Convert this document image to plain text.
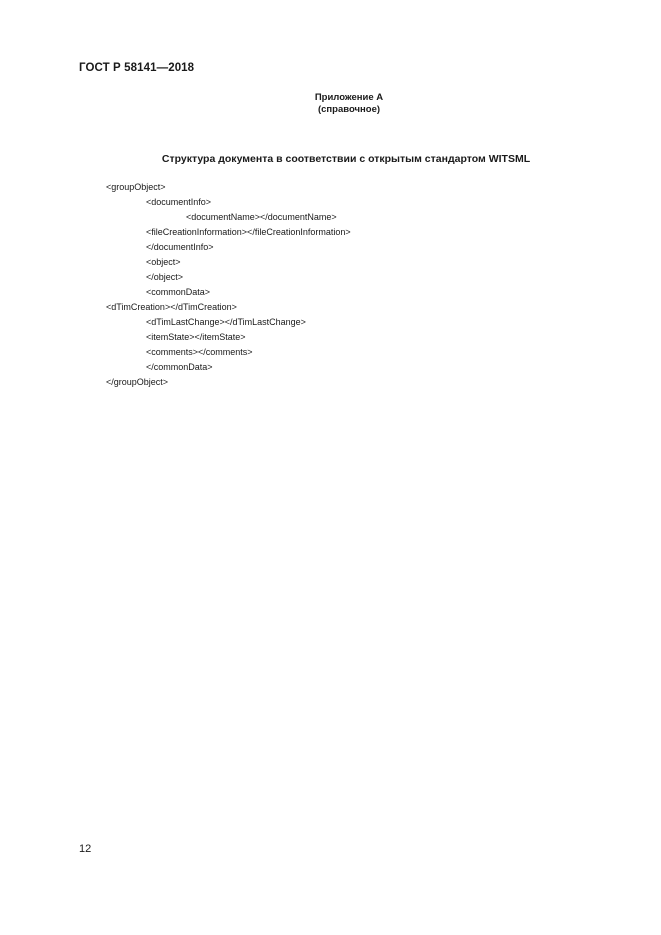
ГОСТ Р 58141—2018
Приложение А
(справочное)
Структура документа в соответствии с открытым стандартом WITSML
<groupObject>
<documentInfo>
<documentName></documentName>
<fileCreationInformation></fileCreationInformation>
</documentInfo>
<object>
</object>
<commonData>
<dTimCreation></dTimCreation>
<dTimLastChange></dTimLastChange>
<itemState></itemState>
<comments></comments>
</commonData>
</groupObject>
12
